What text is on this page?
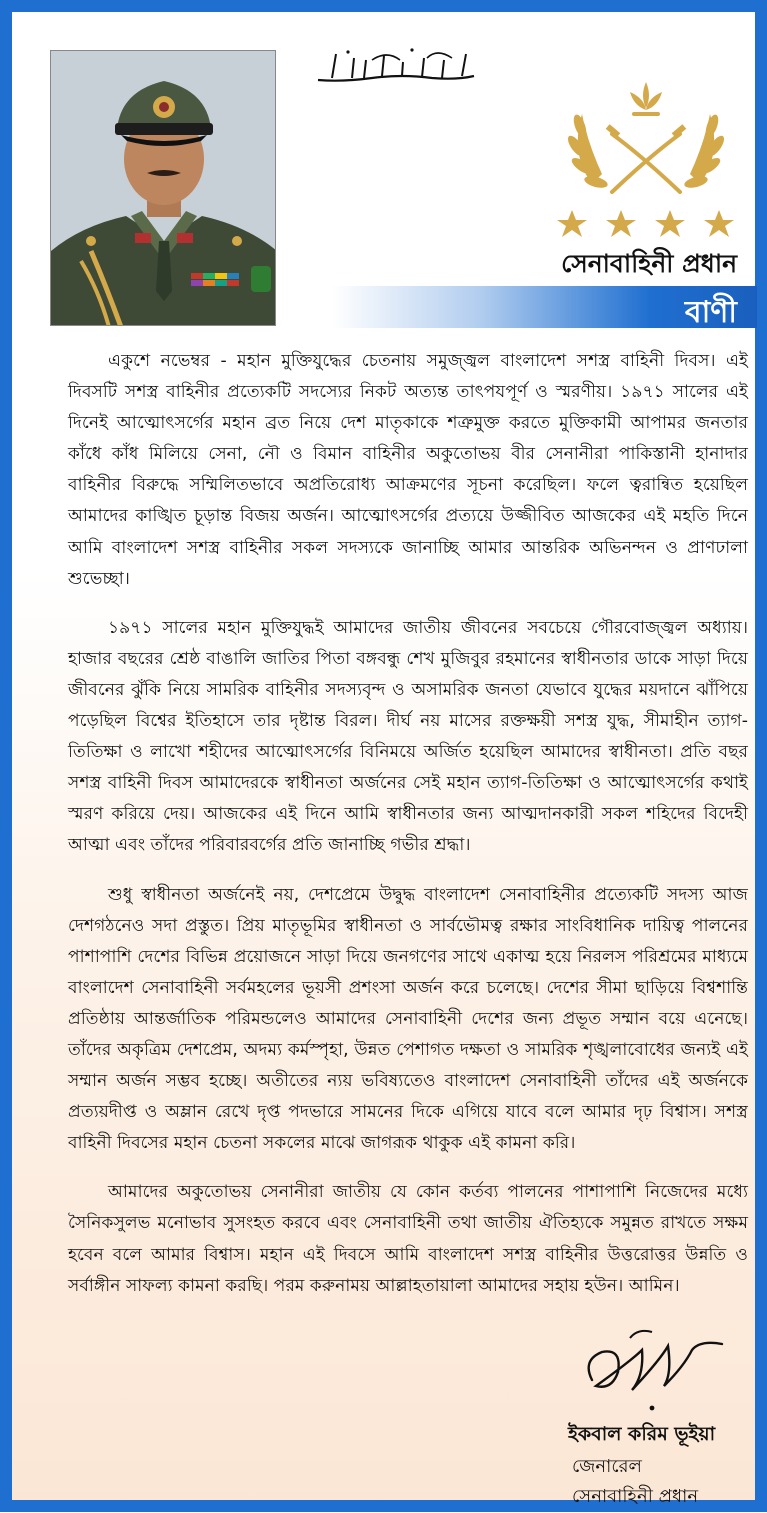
সেনাবাহিনী প্রধান
বাণী

একুশে নভেম্বর - মহান মুক্তিযুদ্ধের চেতনায় সমুজ্জ্বল বাংলাদেশ সশস্ত্র বাহিনী দিবস। এই দিবসটি সশস্ত্র বাহিনীর প্রত্যেকটি সদস্যের নিকট অত্যন্ত তাৎপযপূর্ণ ও স্মরণীয়। ১৯৭১ সালের এই দিনেই আত্মোৎসর্গের মহান ব্রত নিয়ে দেশ মাতৃকাকে শত্রুমুক্ত করতে মুক্তিকামী আপামর জনতার কাঁধে কাঁধ মিলিয়ে সেনা, নৌ ও বিমান বাহিনীর অকুতোভয় বীর সেনানীরা পাকিস্তানী হানাদার বাহিনীর বিরুদ্ধে সম্মিলিতভাবে অপ্রতিরোধ্য আক্রমণের সূচনা করেছিল। ফলে ত্বরান্বিত হয়েছিল আমাদের কাঙ্খিত চূড়ান্ত বিজয় অর্জন। আত্মোৎসর্গের প্রত্যয়ে উজ্জীবিত আজকের এই মহতি দিনে আমি বাংলাদেশ সশস্ত্র বাহিনীর সকল সদস্যকে জানাচ্ছি আমার আন্তরিক অভিনন্দন ও প্রাণঢালা শুভেচ্ছা।

১৯৭১ সালের মহান মুক্তিযুদ্ধই আমাদের জাতীয় জীবনের সবচেয়ে গৌরবোজ্জ্বল অধ্যায়। হাজার বছরের শ্রেষ্ঠ বাঙালি জাতির পিতা বঙ্গবন্ধু শেখ মুজিবুর রহমানের স্বাধীনতার ডাকে সাড়া দিয়ে জীবনের ঝুঁকি নিয়ে সামরিক বাহিনীর সদস্যবৃন্দ ও অসামরিক জনতা যেভাবে যুদ্ধের ময়দানে ঝাঁপিয়ে পড়েছিল বিশ্বের ইতিহাসে তার দৃষ্টান্ত বিরল। দীর্ঘ নয় মাসের রক্তক্ষয়ী সশস্ত্র যুদ্ধ, সীমাহীন ত্যাগ-তিতিক্ষা ও লাখো শহীদের আত্মোৎসর্গের বিনিময়ে অর্জিত হয়েছিল আমাদের স্বাধীনতা। প্রতি বছর সশস্ত্র বাহিনী দিবস আমাদেরকে স্বাধীনতা অর্জনের সেই মহান ত্যাগ-তিতিক্ষা ও আত্মোৎসর্গের কথাই স্মরণ করিয়ে দেয়। আজকের এই দিনে আমি স্বাধীনতার জন্য আত্মদানকারী সকল শহিদের বিদেহী আত্মা এবং তাঁদের পরিবারবর্গের প্রতি জানাচ্ছি গভীর শ্রদ্ধা।

শুধু স্বাধীনতা অর্জনেই নয়, দেশপ্রেমে উদ্বুদ্ধ বাংলাদেশ সেনাবাহিনীর প্রত্যেকটি সদস্য আজ দেশগঠনেও সদা প্রস্তুত। প্রিয় মাতৃভূমির স্বাধীনতা ও সার্বভৌমত্ব রক্ষার সাংবিধানিক দায়িত্ব পালনের পাশাপাশি দেশের বিভিন্ন প্রয়োজনে সাড়া দিয়ে জনগণের সাথে একাত্ম হয়ে নিরলস পরিশ্রমের মাধ্যমে বাংলাদেশ সেনাবাহিনী সর্বমহলের ভূয়সী প্রশংসা অর্জন করে চলেছে। দেশের সীমা ছাড়িয়ে বিশ্বশান্তি প্রতিষ্ঠায় আন্তর্জাতিক পরিমন্ডলেও আমাদের সেনাবাহিনী দেশের জন্য প্রভূত সম্মান বয়ে এনেছে। তাঁদের অকৃত্রিম দেশপ্রেম, অদম্য কর্মস্পৃহা, উন্নত পেশাগত দক্ষতা ও সামরিক শৃঙ্খলাবোধের জন্যই এই সম্মান অর্জন সম্ভব হচ্ছে। অতীতের ন্যয় ভবিষ্যতেও বাংলাদেশ সেনাবাহিনী তাঁদের এই অর্জনকে প্রত্যয়দীপ্ত ও অম্লান রেখে দৃপ্ত পদভারে সামনের দিকে এগিয়ে যাবে বলে আমার দৃঢ় বিশ্বাস। সশস্ত্র বাহিনী দিবসের মহান চেতনা সকলের মাঝে জাগরূক থাকুক এই কামনা করি।

আমাদের অকুতোভয় সেনানীরা জাতীয় যে কোন কর্তব্য পালনের পাশাপাশি নিজেদের মধ্যে সৈনিকসুলভ মনোভাব সুসংহত করবে এবং সেনাবাহিনী তথা জাতীয় ঐতিহ্যকে সমুন্নত রাখতে সক্ষম হবেন বলে আমার বিশ্বাস। মহান এই দিবসে আমি বাংলাদেশ সশস্ত্র বাহিনীর উত্তরোত্তর উন্নতি ও সর্বাঙ্গীন সাফল্য কামনা করছি। পরম করুনাময় আল্লাহতায়ালা আমাদের সহায় হউন। আমিন।

ইকবাল করিম ভূইয়া
জেনারেল
সেনাবাহিনী প্রধান
